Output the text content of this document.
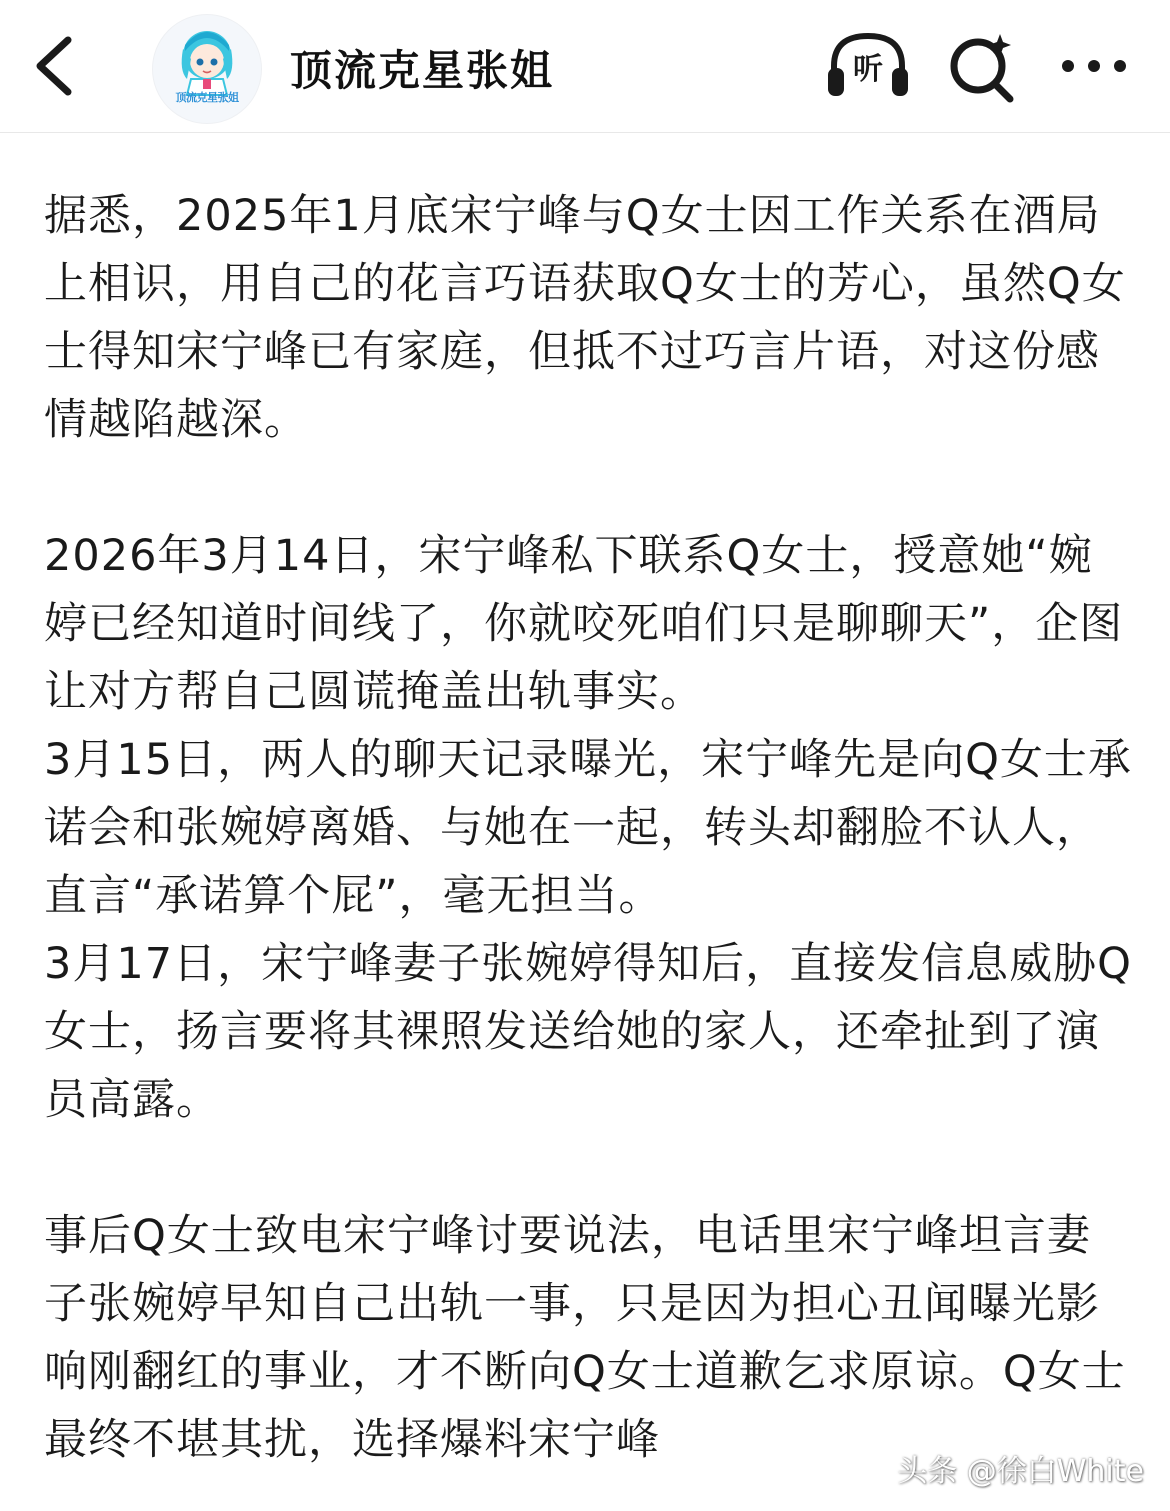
顶流克星张姐
顶流克星张姐	听

据悉，2025年1月底宋宁峰与Q女士因工作关系在酒局上相识，用自己的花言巧语获取Q女士的芳心，虽然Q女士得知宋宁峰已有家庭，但抵不过巧言片语，对这份感情越陷越深。

2026年3月14日，宋宁峰私下联系Q女士，授意她“婉婷已经知道时间线了，你就咬死咱们只是聊聊天”，企图让对方帮自己圆谎掩盖出轨事实。

3月15日，两人的聊天记录曝光，宋宁峰先是向Q女士承诺会和张婉婷离婚、与她在一起，转头却翻脸不认人，直言“承诺算个屁”，毫无担当。

3月17日，宋宁峰妻子张婉婷得知后，直接发信息威胁Q女士，扬言要将其裸照发送给她的家人，还牵扯到了演员高露。

事后Q女士致电宋宁峰讨要说法，电话里宋宁峰坦言妻子张婉婷早知自己出轨一事，只是因为担心丑闻曝光影响刚翻红的事业，才不断向Q女士道歉乞求原谅。Q女士最终不堪其扰，选择爆料宋宁峰

头条 @徐白White
